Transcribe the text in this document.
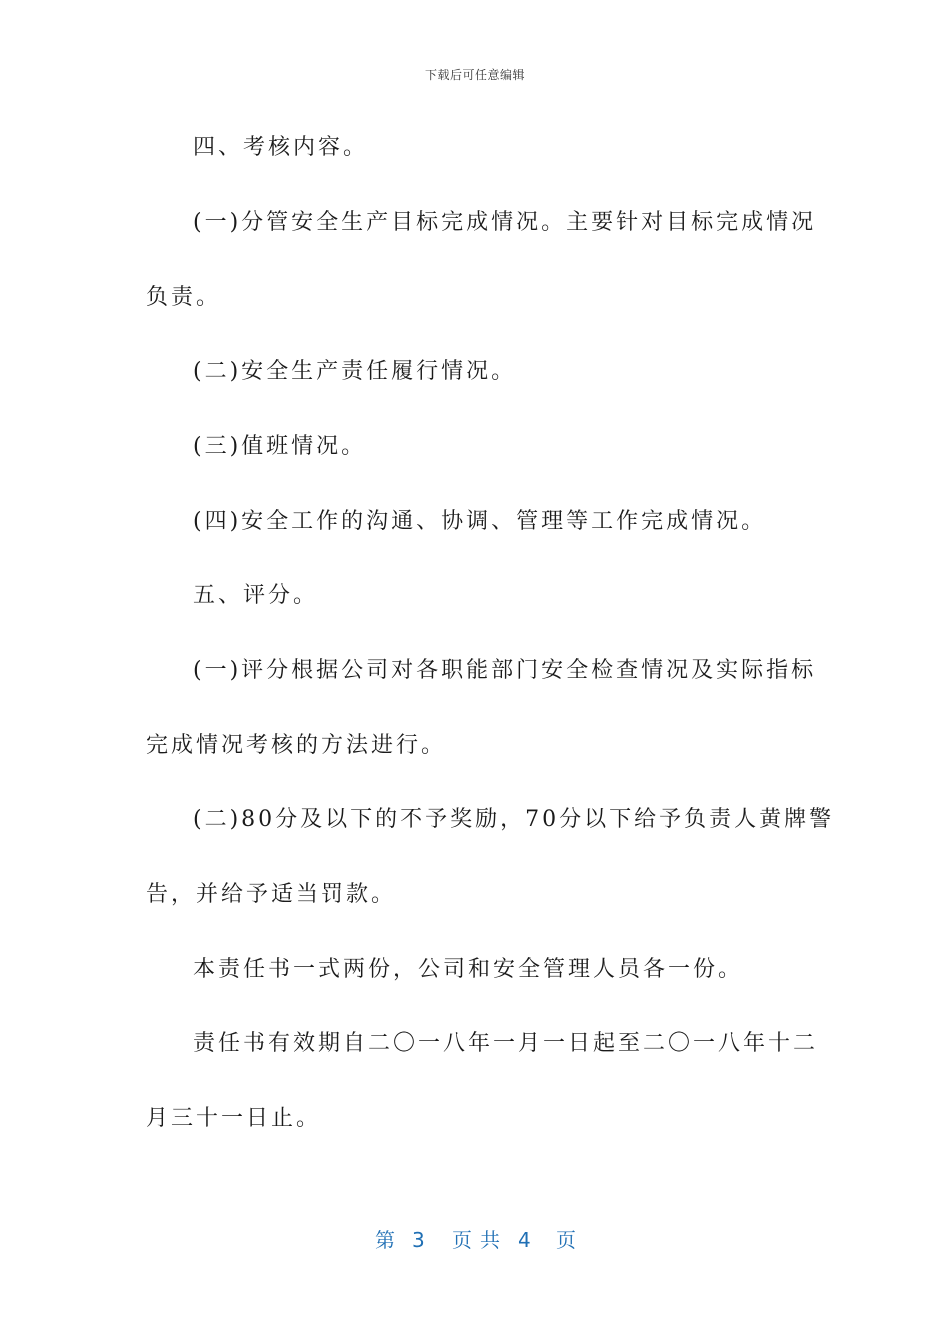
下载后可任意编辑
四、考核内容。
(一)分管安全生产目标完成情况。主要针对目标完成情况
负责。
(二)安全生产责任履行情况。
(三)值班情况。
(四)安全工作的沟通、协调、管理等工作完成情况。
五、评分。
(一)评分根据公司对各职能部门安全检查情况及实际指标
完成情况考核的方法进行。
(二)80分及以下的不予奖励，70分以下给予负责人黄牌警
告，并给予适当罚款。
本责任书一式两份，公司和安全管理人员各一份。
责任书有效期自二〇一八年一月一日起至二〇一八年十二
月三十一日止。
第 3 页共 4 页
